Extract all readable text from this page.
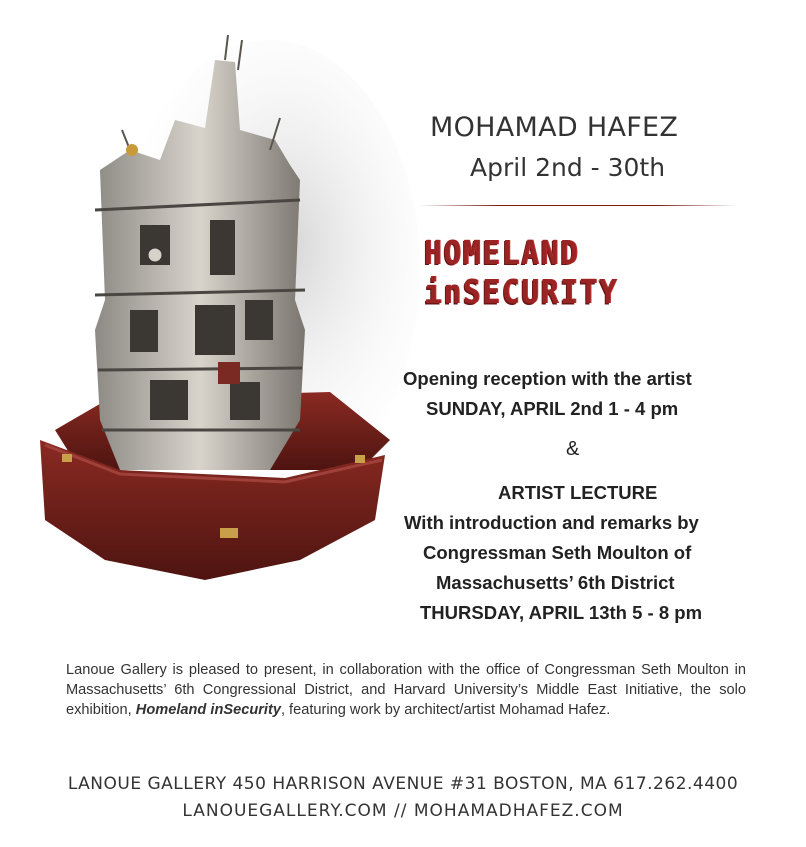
MOHAMAD HAFEZ
April 2nd - 30th
HOMELAND inSECURITY
Opening reception with the artist
SUNDAY, APRIL 2nd 1 - 4 pm
&
ARTIST LECTURE
With introduction and remarks by
Congressman Seth Moulton of
Massachusetts’ 6th District
THURSDAY, APRIL 13th 5 - 8 pm
Lanoue Gallery is pleased to present, in collaboration with the office of Congressman Seth Moulton in Massachusetts’ 6th Congressional District, and Harvard University’s Middle East Initiative, the solo exhibition, Homeland inSecurity, featuring work by architect/artist Mohamad Hafez.
LANOUE GALLERY 450 HARRISON AVENUE #31 BOSTON, MA 617.262.4400
LANOUEGALLERY.COM // MOHAMADHAFEZ.COM
